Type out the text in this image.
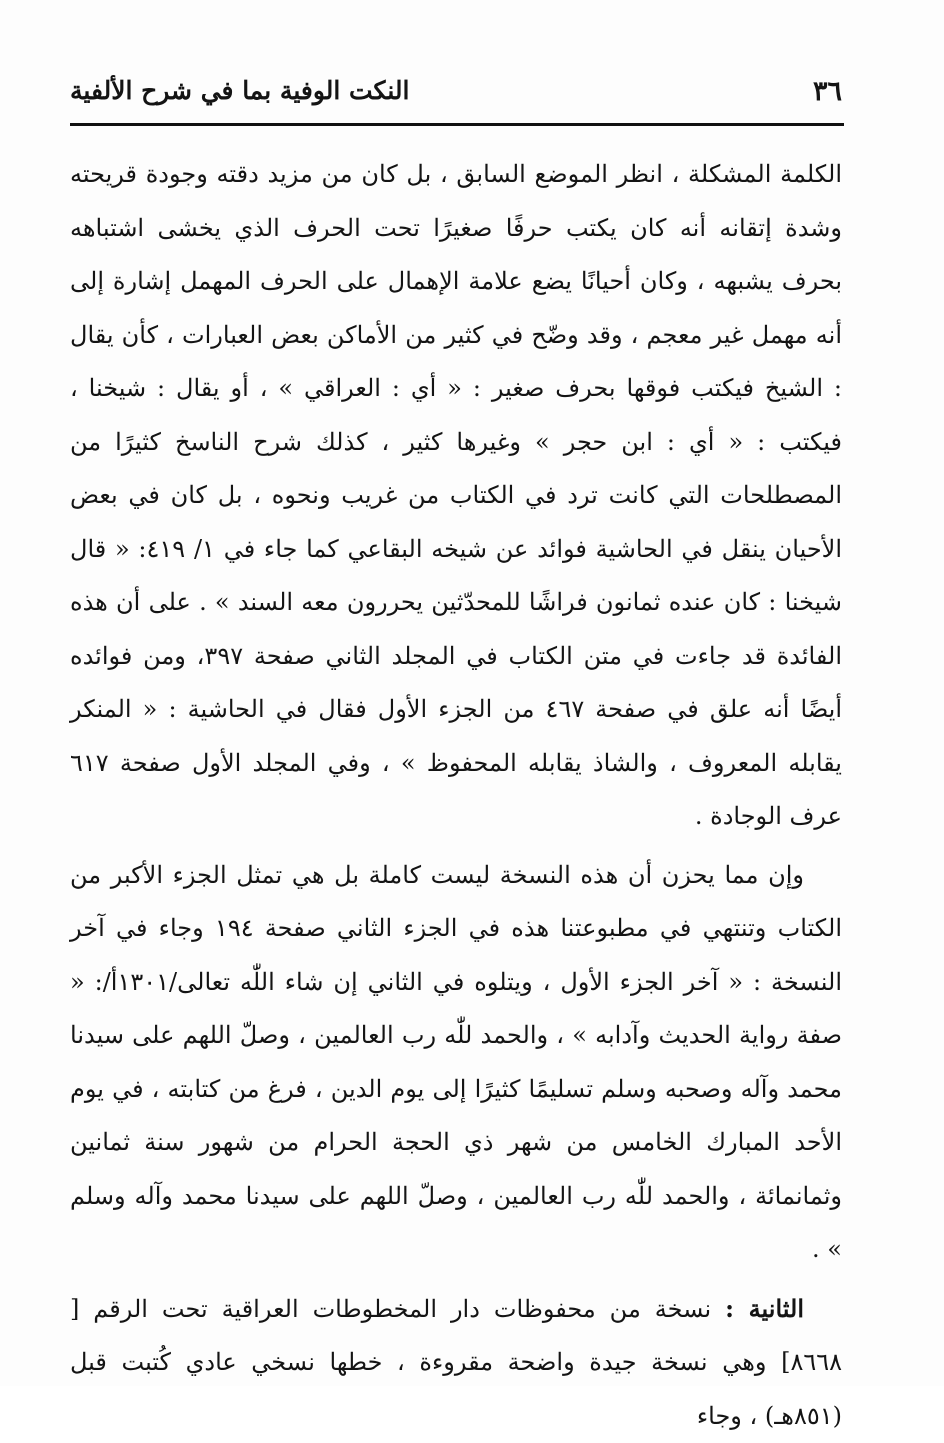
٣٦
النكت الوفية بما في شرح الألفية

الكلمة المشكلة ، انظر الموضع السابق ، بل كان من مزيد دقته وجودة قريحته وشدة إتقانه أنه كان يكتب حرفًا صغيرًا تحت الحرف الذي يخشى اشتباهه بحرف يشبهه ، وكان أحيانًا يضع علامة الإهمال على الحرف المهمل إشارة إلى أنه مهمل غير معجم ، وقد وضّح في كثير من الأماكن بعض العبارات ، كأن يقال : الشيخ فيكتب فوقها بحرف صغير : « أي : العراقي » ، أو يقال : شيخنا ، فيكتب : « أي : ابن حجر » وغيرها كثير ، كذلك شرح الناسخ كثيرًا من المصطلحات التي كانت ترد في الكتاب من غريب ونحوه ، بل كان في بعض الأحيان ينقل في الحاشية فوائد عن شيخه البقاعي كما جاء في ١/ ٤١٩: « قال شيخنا : كان عنده ثمانون فراشًا للمحدّثين يحررون معه السند » . على أن هذه الفائدة قد جاءت في متن الكتاب في المجلد الثاني صفحة ٣٩٧، ومن فوائده أيضًا أنه علق في صفحة ٤٦٧ من الجزء الأول فقال في الحاشية : « المنكر يقابله المعروف ، والشاذ يقابله المحفوظ » ، وفي المجلد الأول صفحة ٦١٧ عرف الوجادة .

وإن مما يحزن أن هذه النسخة ليست كاملة بل هي تمثل الجزء الأكبر من الكتاب وتنتهي في مطبوعتنا هذه في الجزء الثاني صفحة ١٩٤ وجاء في آخر النسخة : « آخر الجزء الأول ، ويتلوه في الثاني إن شاء اللّٰه تعالى/١٣٠١أ/: « صفة رواية الحديث وآدابه » ، والحمد للّٰه رب العالمين ، وصلّ اللهم على سيدنا محمد وآله وصحبه وسلم تسليمًا كثيرًا إلى يوم الدين ، فرغ من كتابته ، في يوم الأحد المبارك الخامس من شهر ذي الحجة الحرام من شهور سنة ثمانين وثمانمائة ، والحمد للّٰه رب العالمين ، وصلّ اللهم على سيدنا محمد وآله وسلم » .

الثانية : نسخة من محفوظات دار المخطوطات العراقية تحت الرقم [ ٨٦٦٨] وهي نسخة جيدة واضحة مقروءة ، خطها نسخي عادي كُتبت قبل (٨٥١هـ) ، وجاء
